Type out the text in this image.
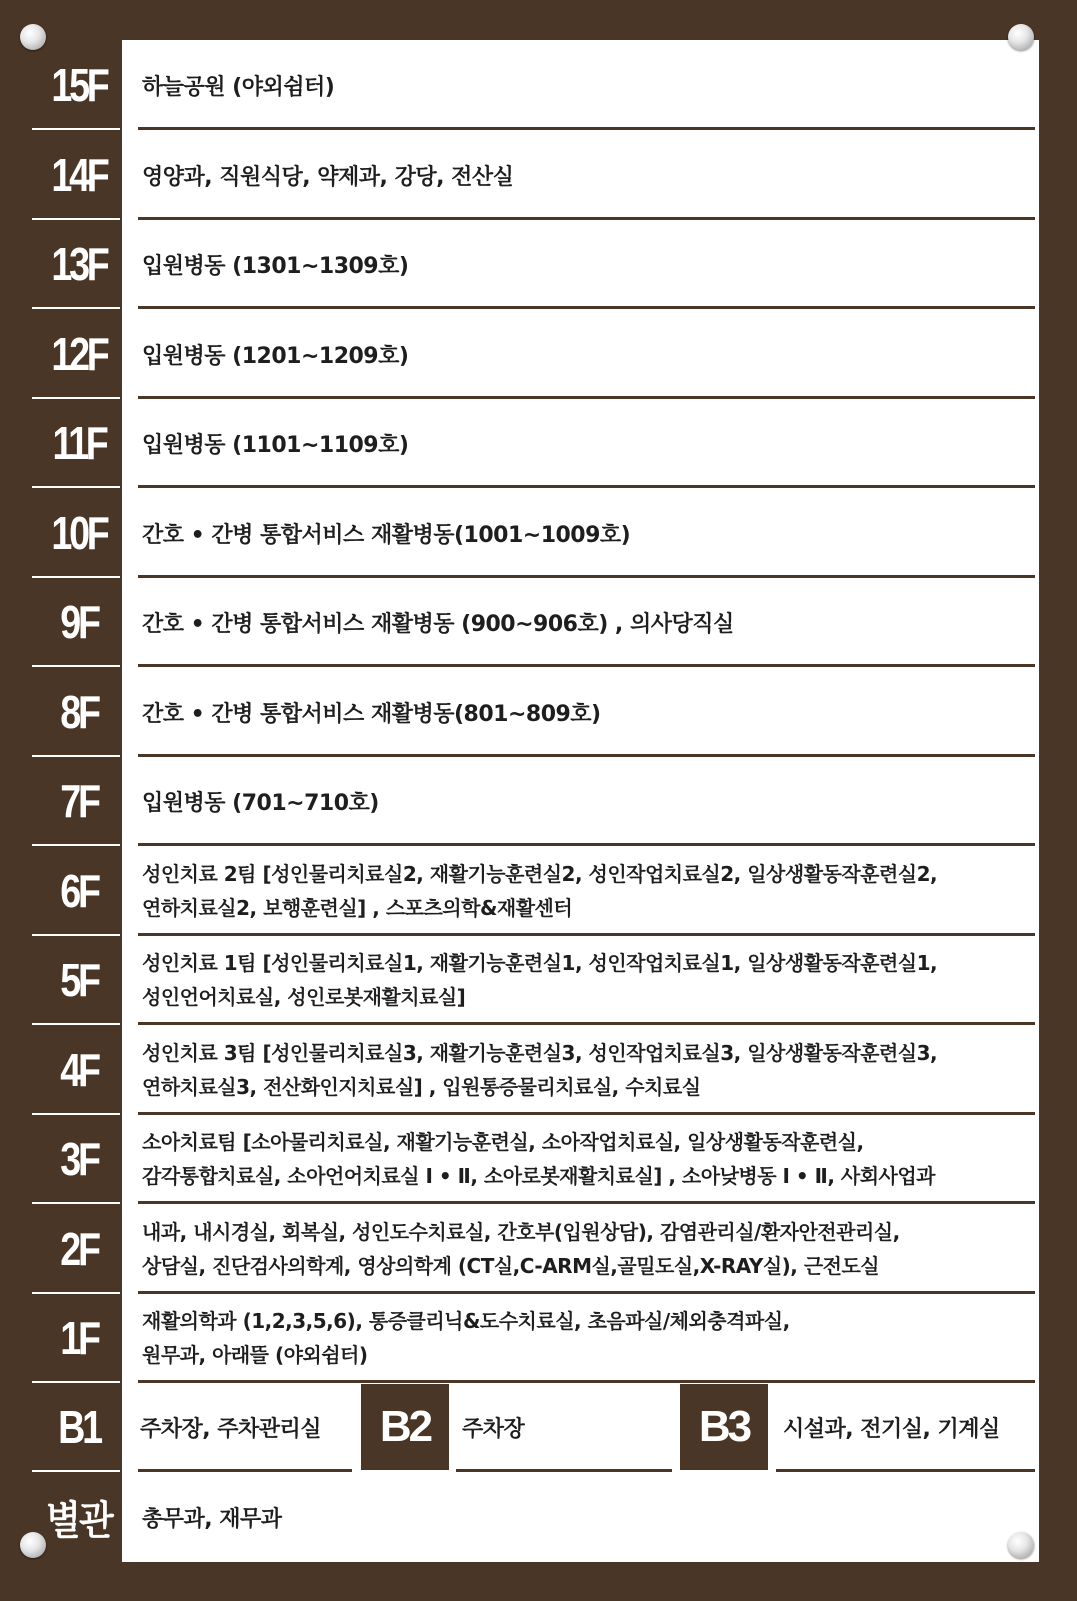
15F	하늘공원 (야외쉼터)
14F	영양과, 직원식당, 약제과, 강당, 전산실
13F	입원병동 (1301~1309호)
12F	입원병동 (1201~1209호)
11F	입원병동 (1101~1109호)
10F	간호 • 간병 통합서비스 재활병동(1001~1009호)
9F	간호 • 간병 통합서비스 재활병동 (900~906호) , 의사당직실
8F	간호 • 간병 통합서비스 재활병동(801~809호)
7F	입원병동 (701~710호)
6F	성인치료 2팀 [성인물리치료실2, 재활기능훈련실2, 성인작업치료실2, 일상생활동작훈련실2,
연하치료실2, 보행훈련실] , 스포츠의학&재활센터
5F	성인치료 1팀 [성인물리치료실1, 재활기능훈련실1, 성인작업치료실1, 일상생활동작훈련실1,
성인언어치료실, 성인로봇재활치료실]
4F	성인치료 3팀 [성인물리치료실3, 재활기능훈련실3, 성인작업치료실3, 일상생활동작훈련실3,
연하치료실3, 전산화인지치료실] , 입원통증물리치료실, 수치료실
3F	소아치료팀 [소아물리치료실, 재활기능훈련실, 소아작업치료실, 일상생활동작훈련실,
감각통합치료실, 소아언어치료실 Ⅰ • Ⅱ, 소아로봇재활치료실] , 소아낮병동 Ⅰ • Ⅱ, 사회사업과
2F	내과, 내시경실, 회복실, 성인도수치료실, 간호부(입원상담), 감염관리실/환자안전관리실,
상담실, 진단검사의학계, 영상의학계 (CT실,C-ARM실,골밀도실,X-RAY실), 근전도실
1F	재활의학과 (1,2,3,5,6), 통증클리닉&도수치료실, 초음파실/체외충격파실,
원무과, 아래뜰 (야외쉼터)
B1	주차장, 주차관리실	B2	주차장	B3	시설과, 전기실, 기계실
별관 총무과, 재무과
